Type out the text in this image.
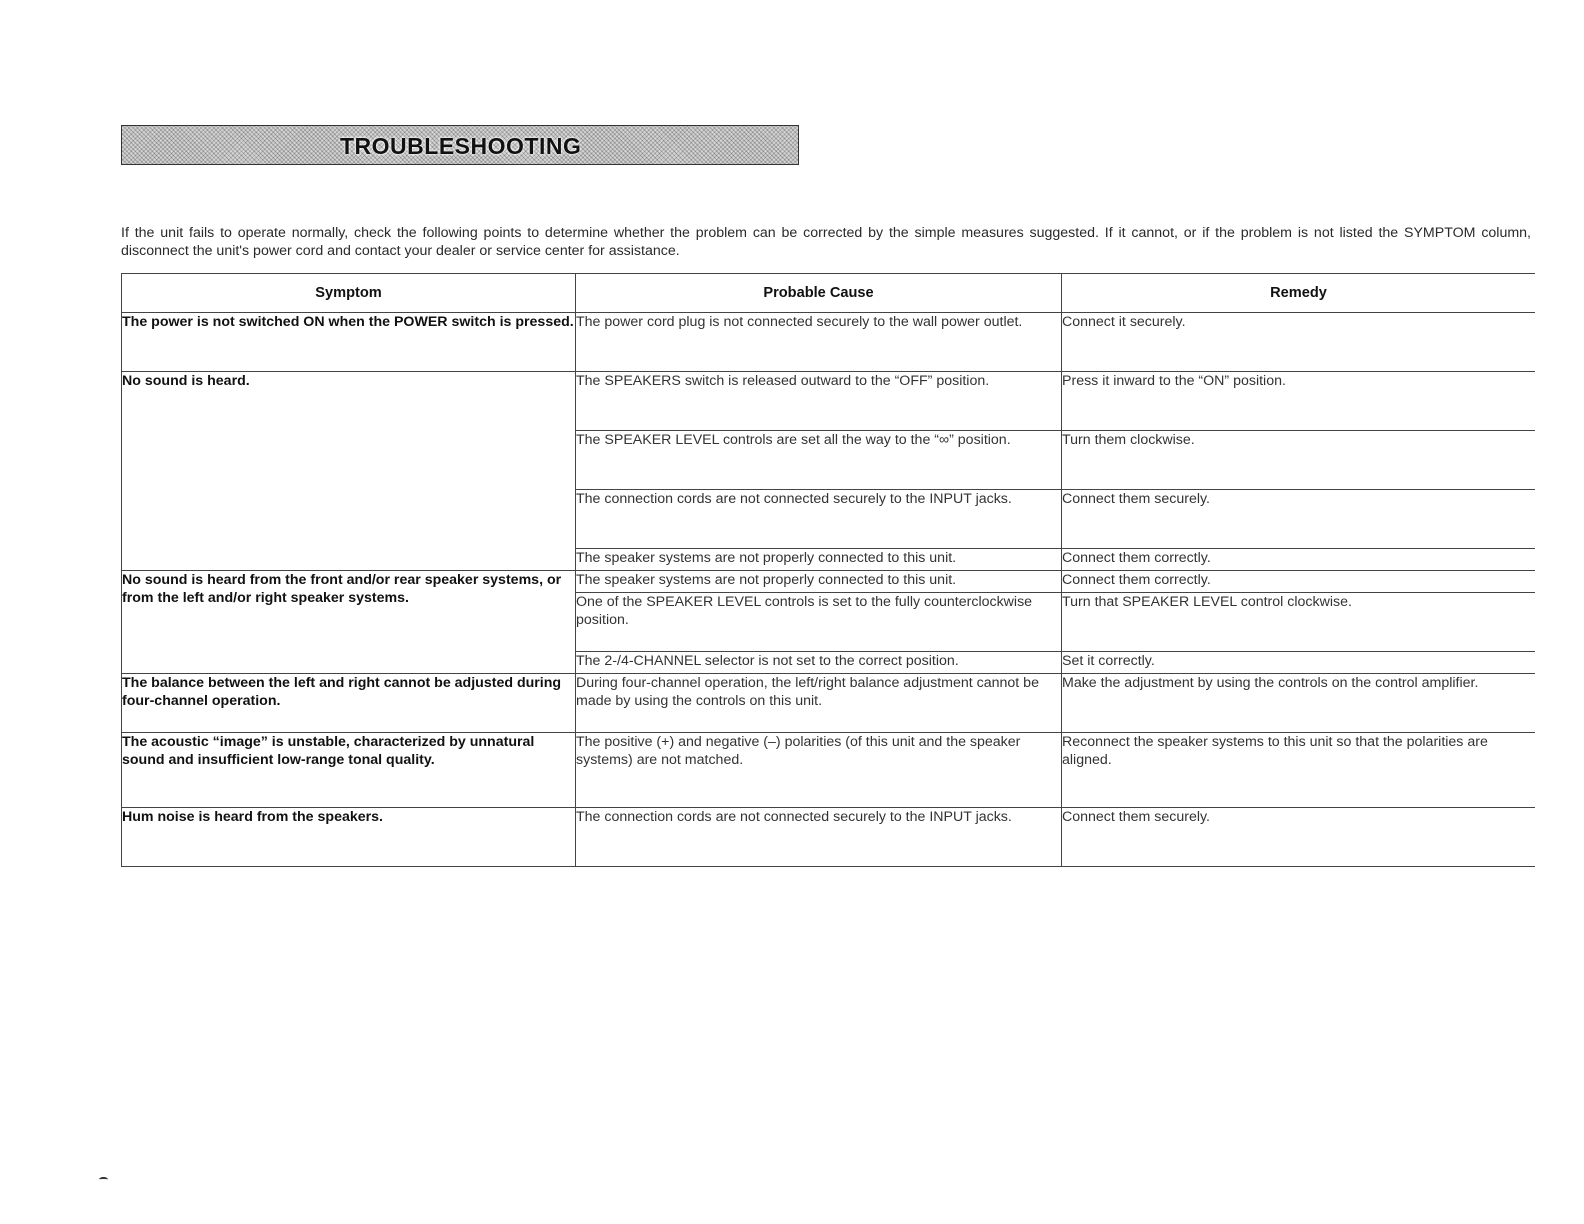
TROUBLESHOOTING
If the unit fails to operate normally, check the following points to determine whether the problem can be corrected by the simple measures suggested. If it cannot, or if the problem is not listed the SYMPTOM column, disconnect the unit's power cord and contact your dealer or service center for assistance.
Symptom	Probable Cause	Remedy
The power is not switched ON when the POWER switch is pressed.	The power cord plug is not connected securely to the wall power outlet.	Connect it securely.
No sound is heard.	The SPEAKERS switch is released outward to the “OFF” position.	Press it inward to the “ON” position.
	The SPEAKER LEVEL controls are set all the way to the “∞” position.	Turn them clockwise.
	The connection cords are not connected securely to the INPUT jacks.	Connect them securely.
	The speaker systems are not properly connected to this unit.	Connect them correctly.
No sound is heard from the front and/or rear speaker systems, or from the left and/or right speaker systems.	The speaker systems are not properly connected to this unit.	Connect them correctly.
	One of the SPEAKER LEVEL controls is set to the fully counterclockwise position.	Turn that SPEAKER LEVEL control clockwise.
	The 2-/4-CHANNEL selector is not set to the correct position.	Set it correctly.
The balance between the left and right cannot be adjusted during four-channel operation.	During four-channel operation, the left/right balance adjustment cannot be made by using the controls on this unit.	Make the adjustment by using the controls on the control amplifier.
The acoustic “image” is unstable, characterized by unnatural sound and insufficient low-range tonal quality.	The positive (+) and negative (–) polarities (of this unit and the speaker systems) are not matched.	Reconnect the speaker systems to this unit so that the polarities are aligned.
Hum noise is heard from the speakers.	The connection cords are not connected securely to the INPUT jacks.	Connect them securely.
